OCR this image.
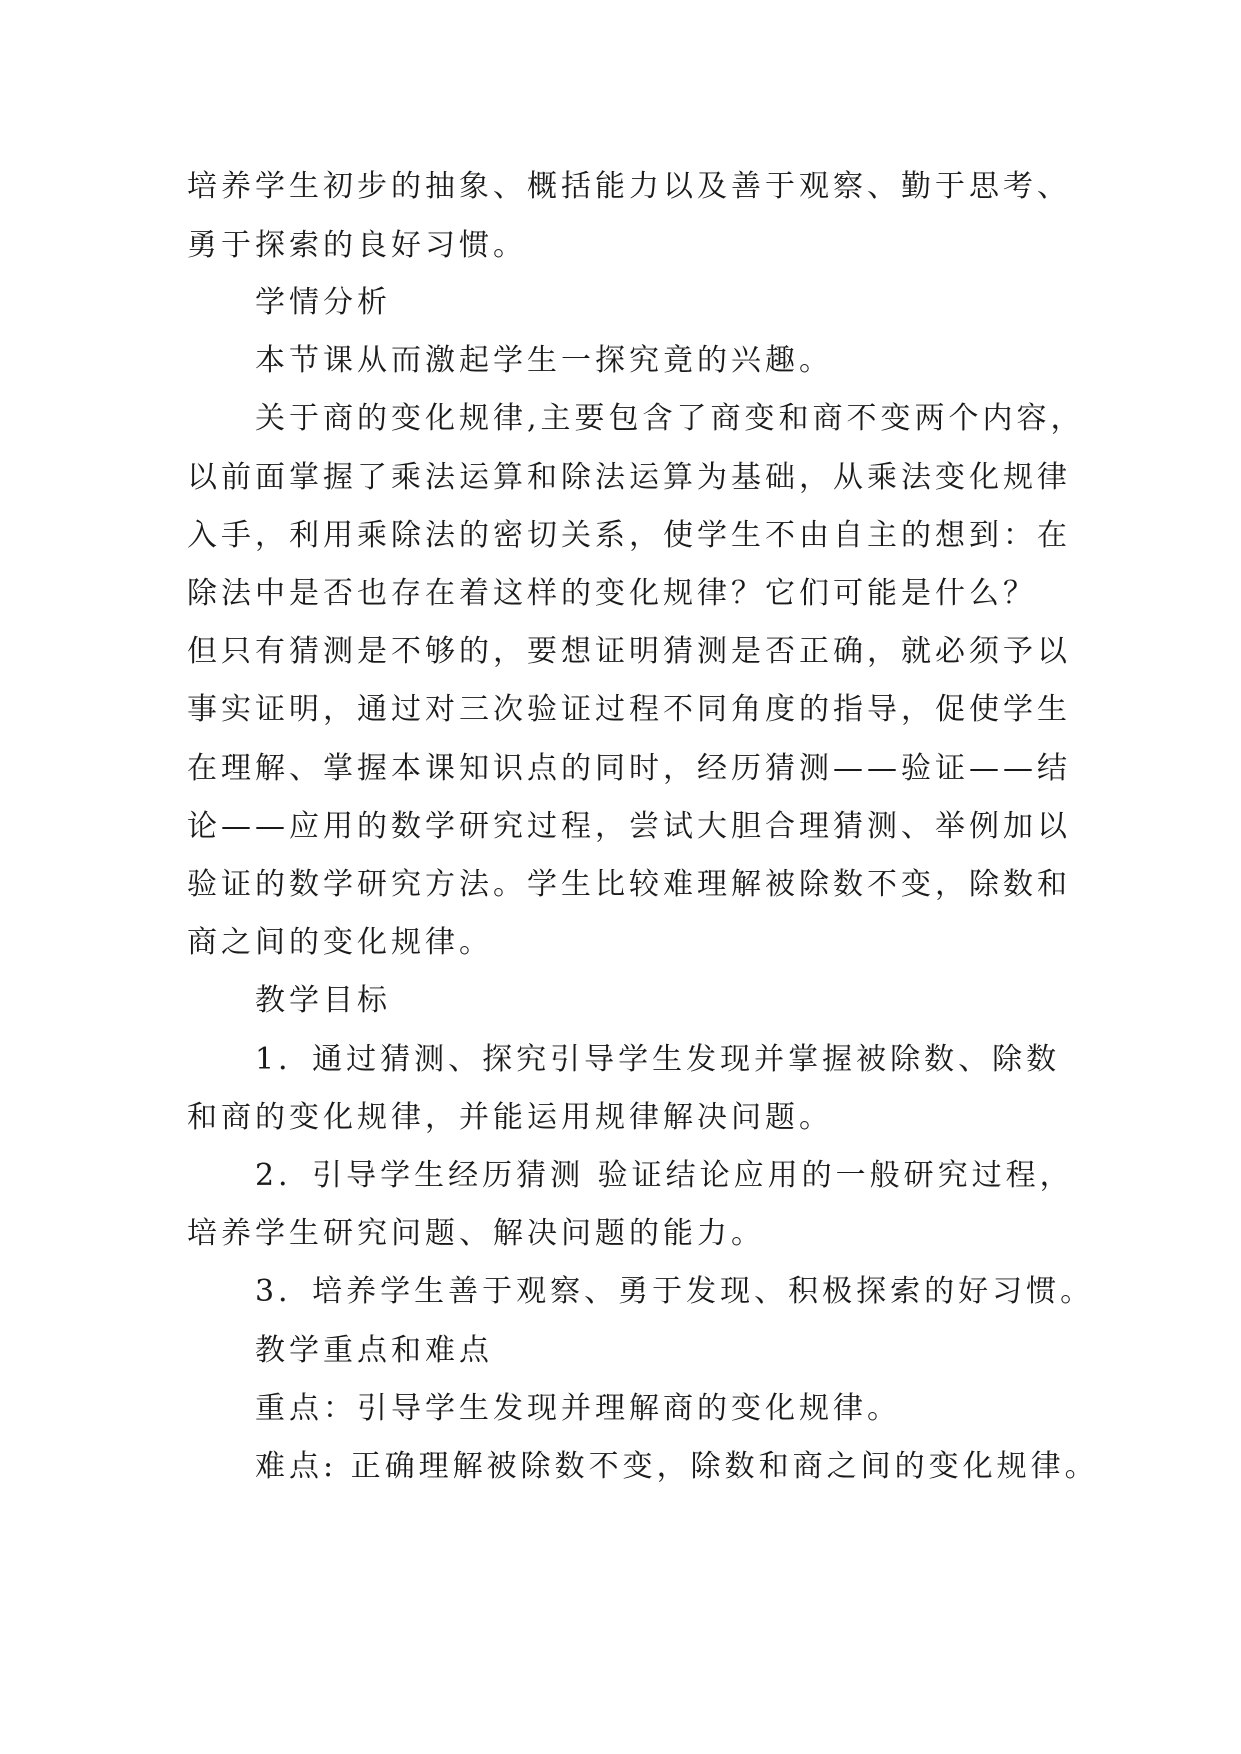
培养学生初步的抽象、概括能力以及善于观察、勤于思考、
勇于探索的良好习惯。
学情分析
本节课从而激起学生一探究竟的兴趣。
关于商的变化规律,主要包含了商变和商不变两个内容，
以前面掌握了乘法运算和除法运算为基础，从乘法变化规律
入手，利用乘除法的密切关系，使学生不由自主的想到：在
除法中是否也存在着这样的变化规律？它们可能是什么？
但只有猜测是不够的，要想证明猜测是否正确，就必须予以
事实证明，通过对三次验证过程不同角度的指导，促使学生
在理解、掌握本课知识点的同时，经历猜测——验证——结
论——应用的数学研究过程，尝试大胆合理猜测、举例加以
验证的数学研究方法。学生比较难理解被除数不变，除数和
商之间的变化规律。
教学目标
1．通过猜测、探究引导学生发现并掌握被除数、除数
和商的变化规律，并能运用规律解决问题。
2．引导学生经历猜测 验证结论应用的一般研究过程，
培养学生研究问题、解决问题的能力。
3．培养学生善于观察、勇于发现、积极探索的好习惯。
教学重点和难点
重点：引导学生发现并理解商的变化规律。
难点: 正确理解被除数不变，除数和商之间的变化规律。
